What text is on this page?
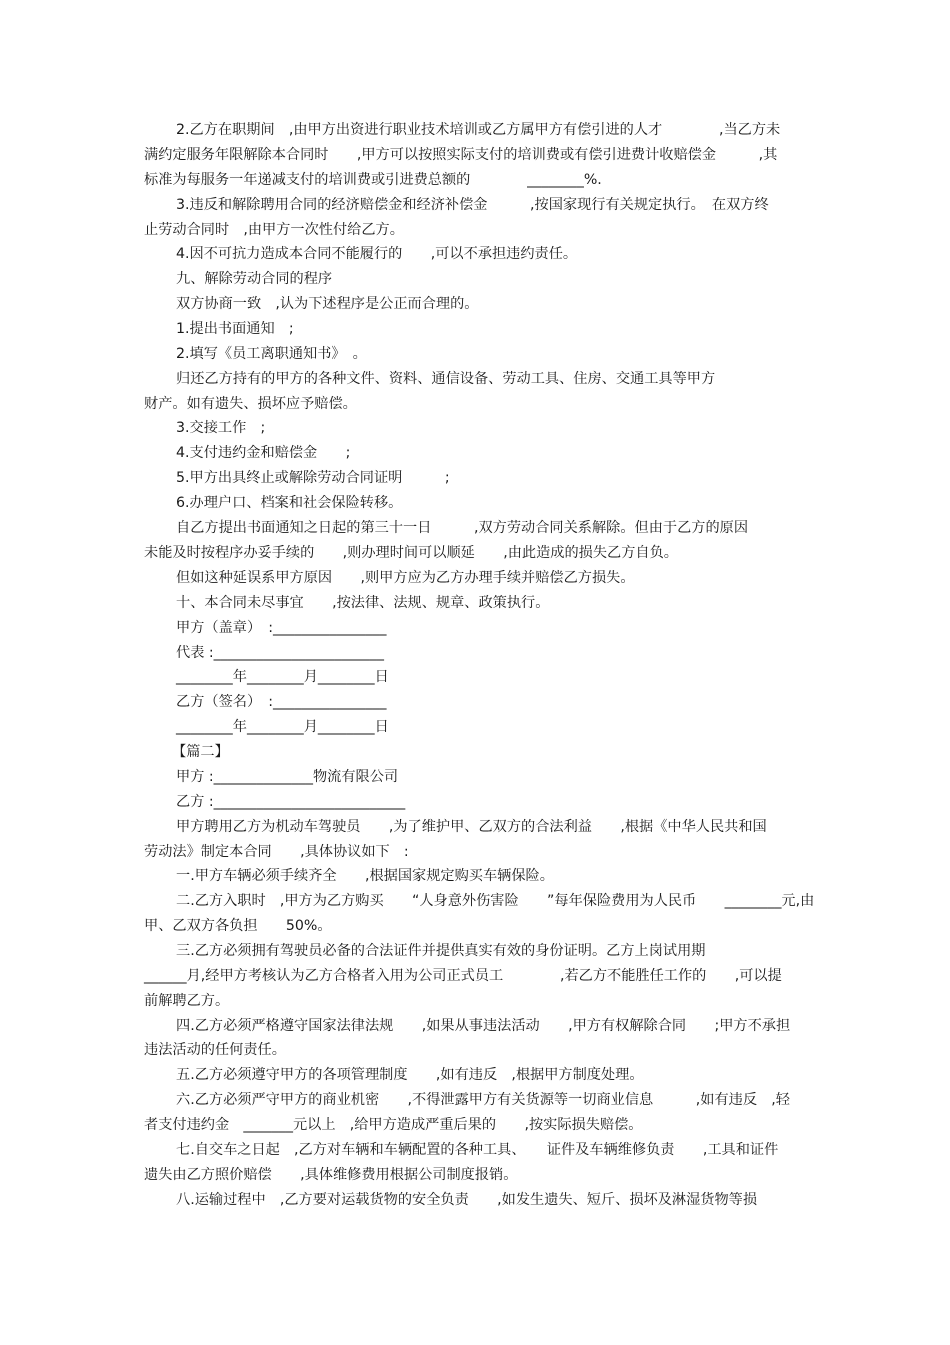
2.乙方在职期间　,由甲方出资进行职业技术培训或乙方属甲方有偿引进的人才　　　　,当乙方未

满约定服务年限解除本合同时　　,甲方可以按照实际支付的培训费或有偿引进费计收赔偿金　　　,其

标准为每服务一年递减支付的培训费或引进费总额的　　　　________%.

3.违反和解除聘用合同的经济赔偿金和经济补偿金　　　,按国家现行有关规定执行。　在双方终

止劳动合同时　,由甲方一次性付给乙方。

4.因不可抗力造成本合同不能履行的　　,可以不承担违约责任。

九、解除劳动合同的程序

双方协商一致　,认为下述程序是公正而合理的。

1.提出书面通知　;

2.填写《员工离职通知书》　。

归还乙方持有的甲方的各种文件、资料、通信设备、劳动工具、住房、交通工具等甲方

财产。如有遗失、损坏应予赔偿。

3.交接工作　;

4.支付违约金和赔偿金　　;

5.甲方出具终止或解除劳动合同证明　　　;

6.办理户口、档案和社会保险转移。

自乙方提出书面通知之日起的第三十一日　　　,双方劳动合同关系解除。但由于乙方的原因

未能及时按程序办妥手续的　　,则办理时间可以顺延　　,由此造成的损失乙方自负。

但如这种延误系甲方原因　　,则甲方应为乙方办理手续并赔偿乙方损失。

十、本合同未尽事宜　　,按法律、法规、规章、政策执行。

甲方（盖章）　:________________

代表 :________________________

________年________月________日

乙方（签名）　:________________

________年________月________日

【篇二】

甲方 :______________物流有限公司

乙方 :___________________________

甲方聘用乙方为机动车驾驶员　　,为了维护甲、乙双方的合法利益　　,根据《中华人民共和国

劳动法》制定本合同　　,具体协议如下　:

一.甲方车辆必须手续齐全　　,根据国家规定购买车辆保险。

二.乙方入职时　,甲方为乙方购买　　“人身意外伤害险　　”每年保险费用为人民币　　________元,由

甲、乙双方各负担　　50%。

三.乙方必须拥有驾驶员必备的合法证件并提供真实有效的身份证明。乙方上岗试用期

______月,经甲方考核认为乙方合格者入用为公司正式员工　　　　,若乙方不能胜任工作的　　,可以提

前解聘乙方。

四.乙方必须严格遵守国家法律法规　　,如果从事违法活动　　,甲方有权解除合同　　;甲方不承担

违法活动的任何责任。

五.乙方必须遵守甲方的各项管理制度　　,如有违反　,根据甲方制度处理。

六.乙方必须严守甲方的商业机密　　,不得泄露甲方有关货源等一切商业信息　　　,如有违反　,轻

者支付违约金　_______元以上　,给甲方造成严重后果的　　,按实际损失赔偿。

七.自交车之日起　,乙方对车辆和车辆配置的各种工具、　　证件及车辆维修负责　　,工具和证件

遗失由乙方照价赔偿　　,具体维修费用根据公司制度报销。

八.运输过程中　,乙方要对运载货物的安全负责　　,如发生遗失、短斤、损坏及淋湿货物等损
